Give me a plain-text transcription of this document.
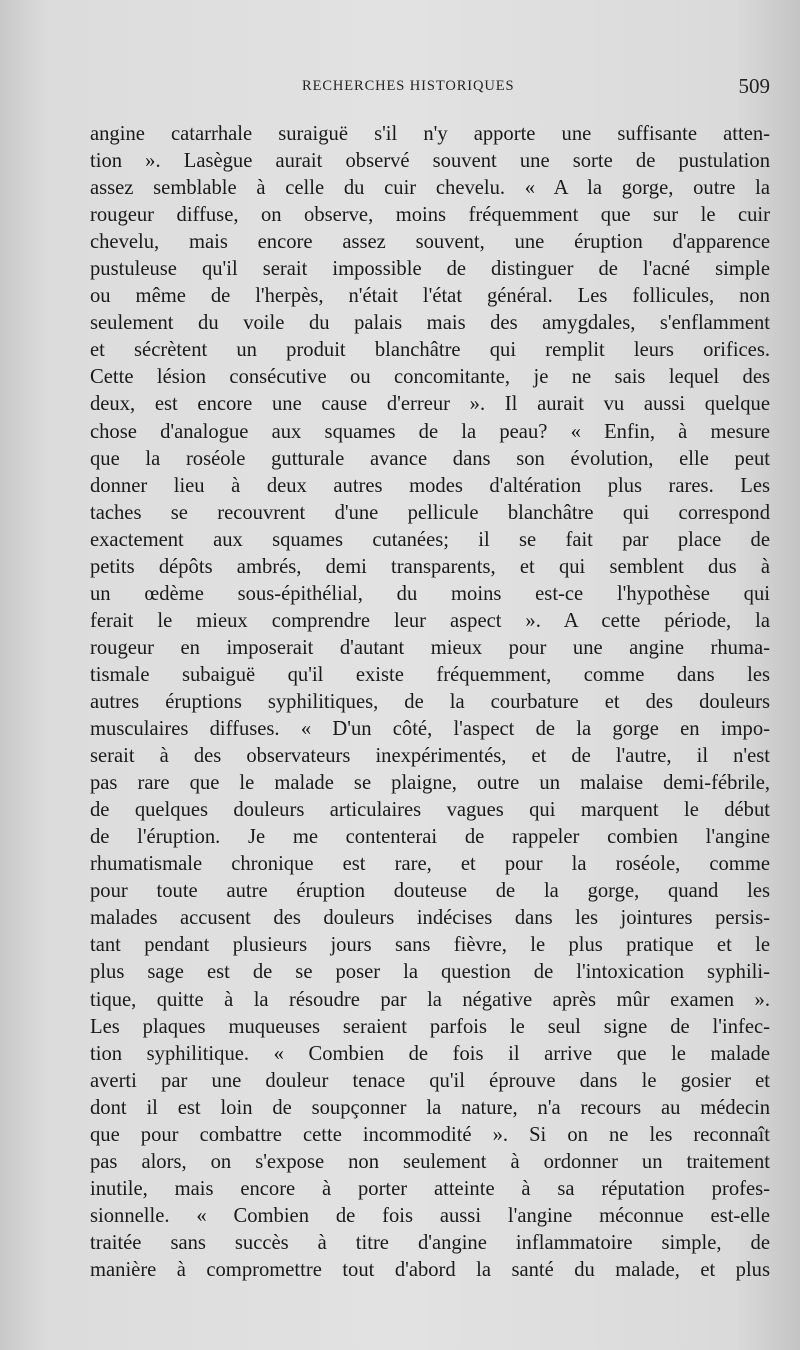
RECHERCHES HISTORIQUES	509
angine catarrhale suraiguë s'il n'y apporte une suffisante atten-
tion ». Lasègue aurait observé souvent une sorte de pustulation
assez semblable à celle du cuir chevelu. « A la gorge, outre la
rougeur diffuse, on observe, moins fréquemment que sur le cuir
chevelu, mais encore assez souvent, une éruption d'apparence
pustuleuse qu'il serait impossible de distinguer de l'acné simple
ou même de l'herpès, n'était l'état général. Les follicules, non
seulement du voile du palais mais des amygdales, s'enflamment
et sécrètent un produit blanchâtre qui remplit leurs orifices.
Cette lésion consécutive ou concomitante, je ne sais lequel des
deux, est encore une cause d'erreur ». Il aurait vu aussi quelque
chose d'analogue aux squames de la peau? « Enfin, à mesure
que la roséole gutturale avance dans son évolution, elle peut
donner lieu à deux autres modes d'altération plus rares. Les
taches se recouvrent d'une pellicule blanchâtre qui correspond
exactement aux squames cutanées; il se fait par place de
petits dépôts ambrés, demi transparents, et qui semblent dus à
un œdème sous-épithélial, du moins est-ce l'hypothèse qui
ferait le mieux comprendre leur aspect ». A cette période, la
rougeur en imposerait d'autant mieux pour une angine rhuma-
tismale subaiguë qu'il existe fréquemment, comme dans les
autres éruptions syphilitiques, de la courbature et des douleurs
musculaires diffuses. « D'un côté, l'aspect de la gorge en impo-
serait à des observateurs inexpérimentés, et de l'autre, il n'est
pas rare que le malade se plaigne, outre un malaise demi-fébrile,
de quelques douleurs articulaires vagues qui marquent le début
de l'éruption. Je me contenterai de rappeler combien l'angine
rhumatismale chronique est rare, et pour la roséole, comme
pour toute autre éruption douteuse de la gorge, quand les
malades accusent des douleurs indécises dans les jointures persis-
tant pendant plusieurs jours sans fièvre, le plus pratique et le
plus sage est de se poser la question de l'intoxication syphili-
tique, quitte à la résoudre par la négative après mûr examen ».
Les plaques muqueuses seraient parfois le seul signe de l'infec-
tion syphilitique. « Combien de fois il arrive que le malade
averti par une douleur tenace qu'il éprouve dans le gosier et
dont il est loin de soupçonner la nature, n'a recours au médecin
que pour combattre cette incommodité ». Si on ne les reconnaît
pas alors, on s'expose non seulement à ordonner un traitement
inutile, mais encore à porter atteinte à sa réputation profes-
sionnelle. « Combien de fois aussi l'angine méconnue est-elle
traitée sans succès à titre d'angine inflammatoire simple, de
manière à compromettre tout d'abord la santé du malade, et plus
